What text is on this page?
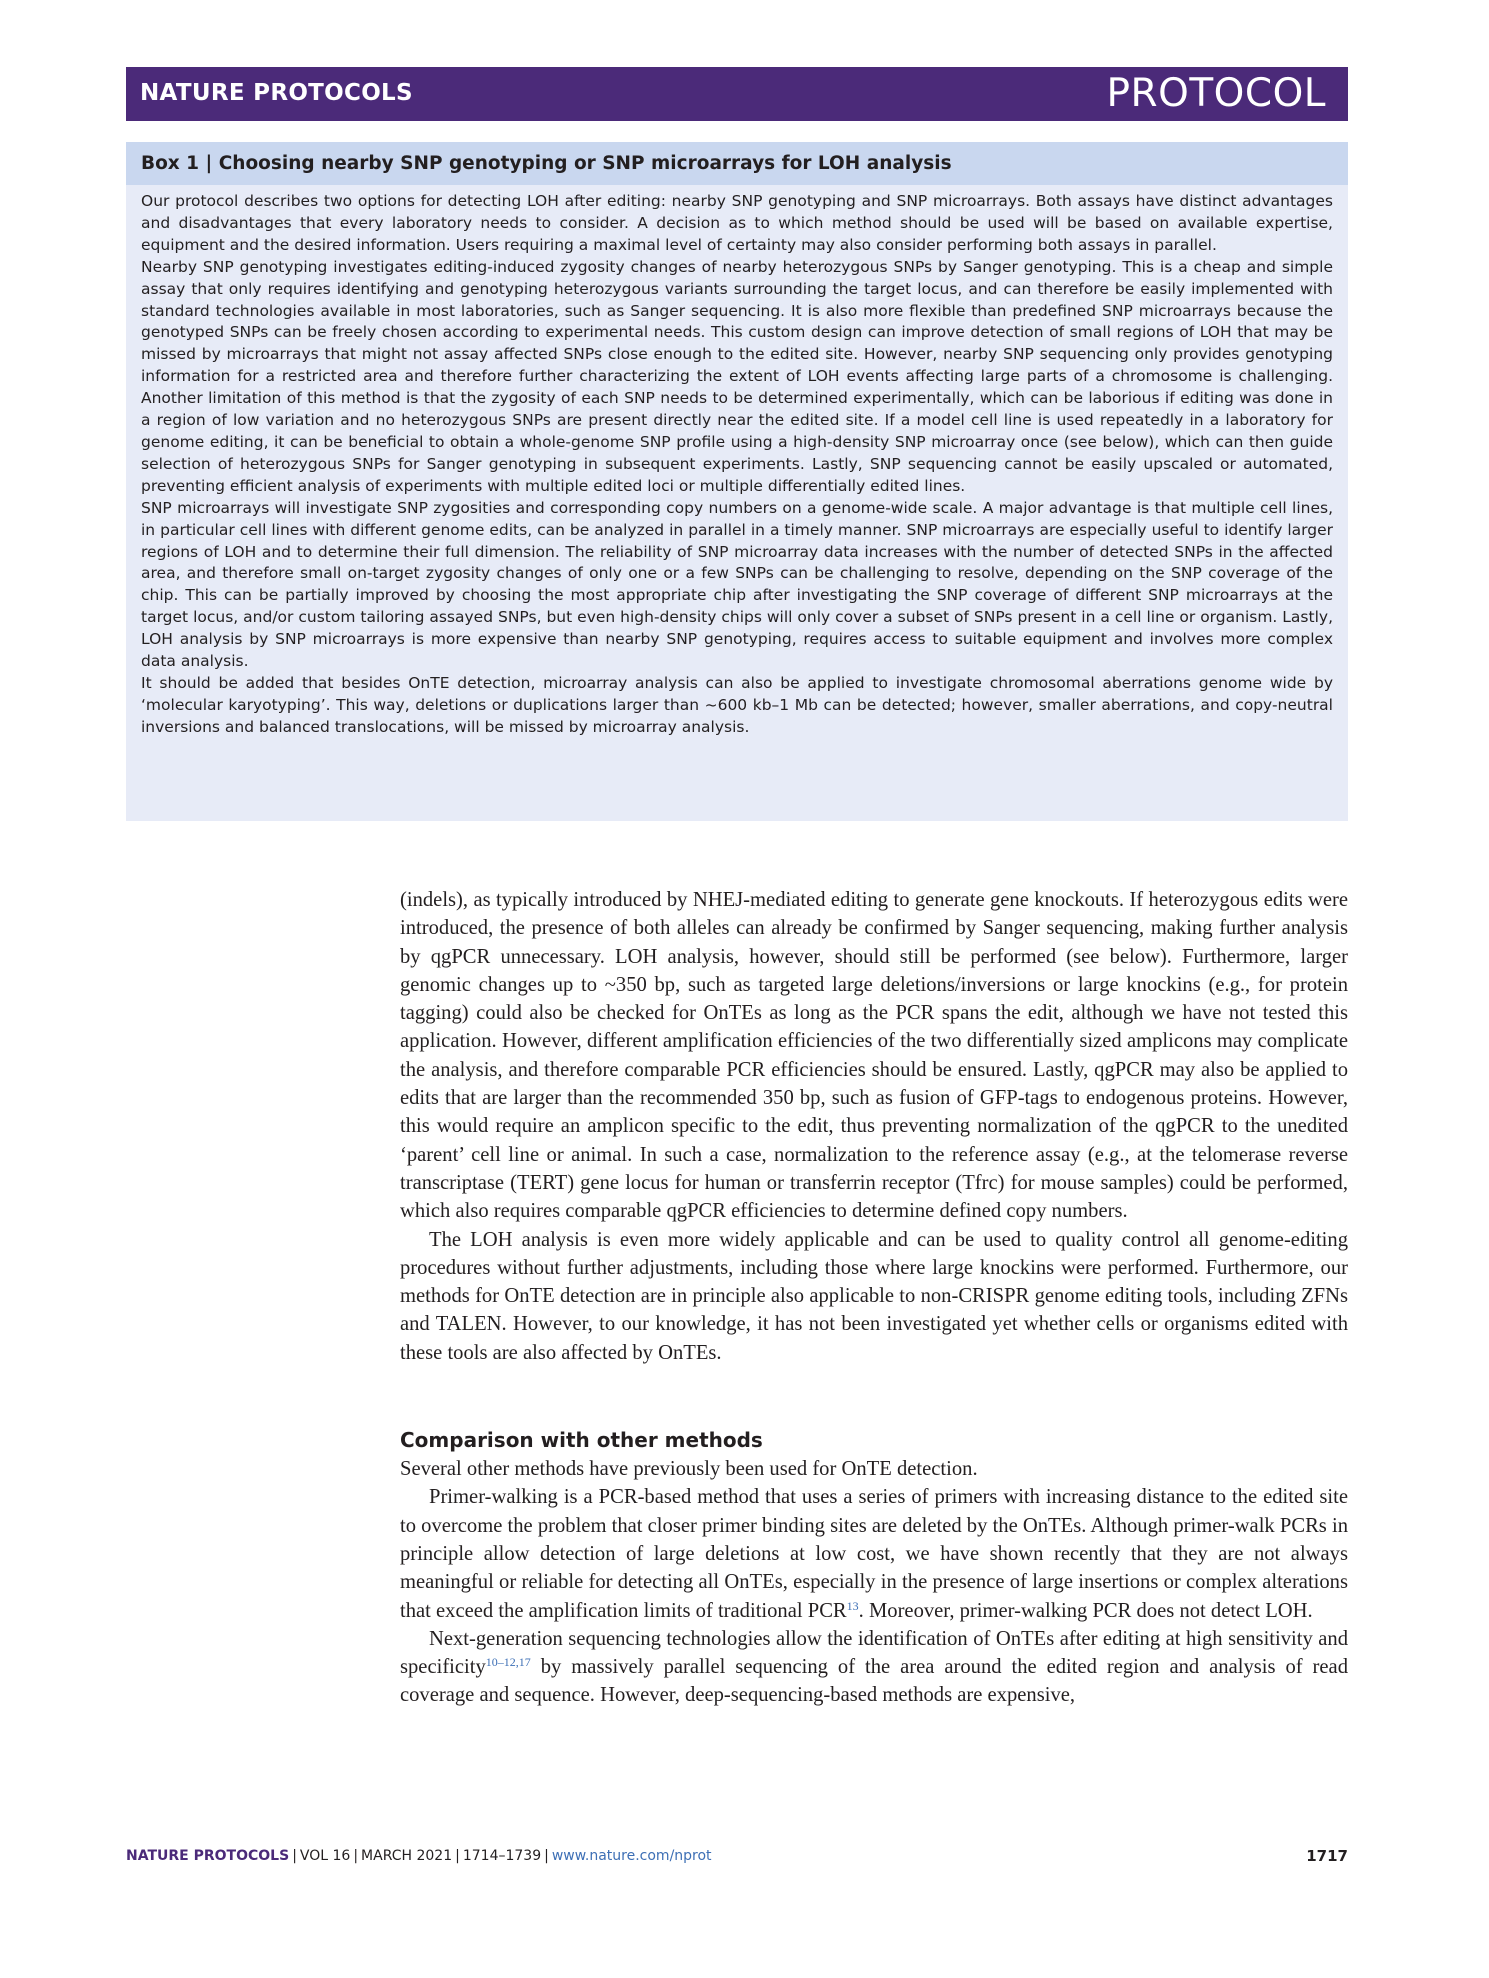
NATURE PROTOCOLS	PROTOCOL
Box 1 | Choosing nearby SNP genotyping or SNP microarrays for LOH analysis

Our protocol describes two options for detecting LOH after editing: nearby SNP genotyping and SNP microarrays. Both assays have distinct advantages and disadvantages that every laboratory needs to consider. A decision as to which method should be used will be based on available expertise, equipment and the desired information. Users requiring a maximal level of certainty may also consider performing both assays in parallel.

Nearby SNP genotyping investigates editing-induced zygosity changes of nearby heterozygous SNPs by Sanger genotyping. This is a cheap and simple assay that only requires identifying and genotyping heterozygous variants surrounding the target locus, and can therefore be easily implemented with standard technologies available in most laboratories, such as Sanger sequencing. It is also more flexible than predefined SNP microarrays because the genotyped SNPs can be freely chosen according to experimental needs. This custom design can improve detection of small regions of LOH that may be missed by microarrays that might not assay affected SNPs close enough to the edited site. However, nearby SNP sequencing only provides genotyping information for a restricted area and therefore further characterizing the extent of LOH events affecting large parts of a chromosome is challenging. Another limitation of this method is that the zygosity of each SNP needs to be determined experimentally, which can be laborious if editing was done in a region of low variation and no heterozygous SNPs are present directly near the edited site. If a model cell line is used repeatedly in a laboratory for genome editing, it can be beneficial to obtain a whole-genome SNP profile using a high-density SNP microarray once (see below), which can then guide selection of heterozygous SNPs for Sanger genotyping in subsequent experiments. Lastly, SNP sequencing cannot be easily upscaled or automated, preventing efficient analysis of experiments with multiple edited loci or multiple differentially edited lines.

SNP microarrays will investigate SNP zygosities and corresponding copy numbers on a genome-wide scale. A major advantage is that multiple cell lines, in particular cell lines with different genome edits, can be analyzed in parallel in a timely manner. SNP microarrays are especially useful to identify larger regions of LOH and to determine their full dimension. The reliability of SNP microarray data increases with the number of detected SNPs in the affected area, and therefore small on-target zygosity changes of only one or a few SNPs can be challenging to resolve, depending on the SNP coverage of the chip. This can be partially improved by choosing the most appropriate chip after investigating the SNP coverage of different SNP microarrays at the target locus, and/or custom tailoring assayed SNPs, but even high-density chips will only cover a subset of SNPs present in a cell line or organism. Lastly, LOH analysis by SNP microarrays is more expensive than nearby SNP genotyping, requires access to suitable equipment and involves more complex data analysis.

It should be added that besides OnTE detection, microarray analysis can also be applied to investigate chromosomal aberrations genome wide by ‘molecular karyotyping’. This way, deletions or duplications larger than ~600 kb–1 Mb can be detected; however, smaller aberrations, and copy-neutral inversions and balanced translocations, will be missed by microarray analysis.

(indels), as typically introduced by NHEJ-mediated editing to generate gene knockouts. If heterozygous edits were introduced, the presence of both alleles can already be confirmed by Sanger sequencing, making further analysis by qgPCR unnecessary. LOH analysis, however, should still be performed (see below). Furthermore, larger genomic changes up to ~350 bp, such as targeted large deletions/inversions or large knockins (e.g., for protein tagging) could also be checked for OnTEs as long as the PCR spans the edit, although we have not tested this application. However, different amplification efficiencies of the two differentially sized amplicons may complicate the analysis, and therefore comparable PCR efficiencies should be ensured. Lastly, qgPCR may also be applied to edits that are larger than the recommended 350 bp, such as fusion of GFP-tags to endogenous proteins. However, this would require an amplicon specific to the edit, thus preventing normalization of the qgPCR to the unedited ‘parent’ cell line or animal. In such a case, normalization to the reference assay (e.g., at the telomerase reverse transcriptase (TERT) gene locus for human or transferrin receptor (Tfrc) for mouse samples) could be performed, which also requires comparable qgPCR efficiencies to determine defined copy numbers.

The LOH analysis is even more widely applicable and can be used to quality control all genome-editing procedures without further adjustments, including those where large knockins were performed. Furthermore, our methods for OnTE detection are in principle also applicable to non-CRISPR genome editing tools, including ZFNs and TALEN. However, to our knowledge, it has not been investigated yet whether cells or organisms edited with these tools are also affected by OnTEs.

Comparison with other methods

Several other methods have previously been used for OnTE detection.

Primer-walking is a PCR-based method that uses a series of primers with increasing distance to the edited site to overcome the problem that closer primer binding sites are deleted by the OnTEs. Although primer-walk PCRs in principle allow detection of large deletions at low cost, we have shown recently that they are not always meaningful or reliable for detecting all OnTEs, especially in the presence of large insertions or complex alterations that exceed the amplification limits of traditional PCR$^{13}$. Moreover, primer-walking PCR does not detect LOH.

Next-generation sequencing technologies allow the identification of OnTEs after editing at high sensitivity and specificity$^{10-12,17}$ by massively parallel sequencing of the area around the edited region and analysis of read coverage and sequence. However, deep-sequencing-based methods are expensive,

NATURE PROTOCOLS | VOL 16 | MARCH 2021 | 1714–1739 | www.nature.com/nprot	1717
